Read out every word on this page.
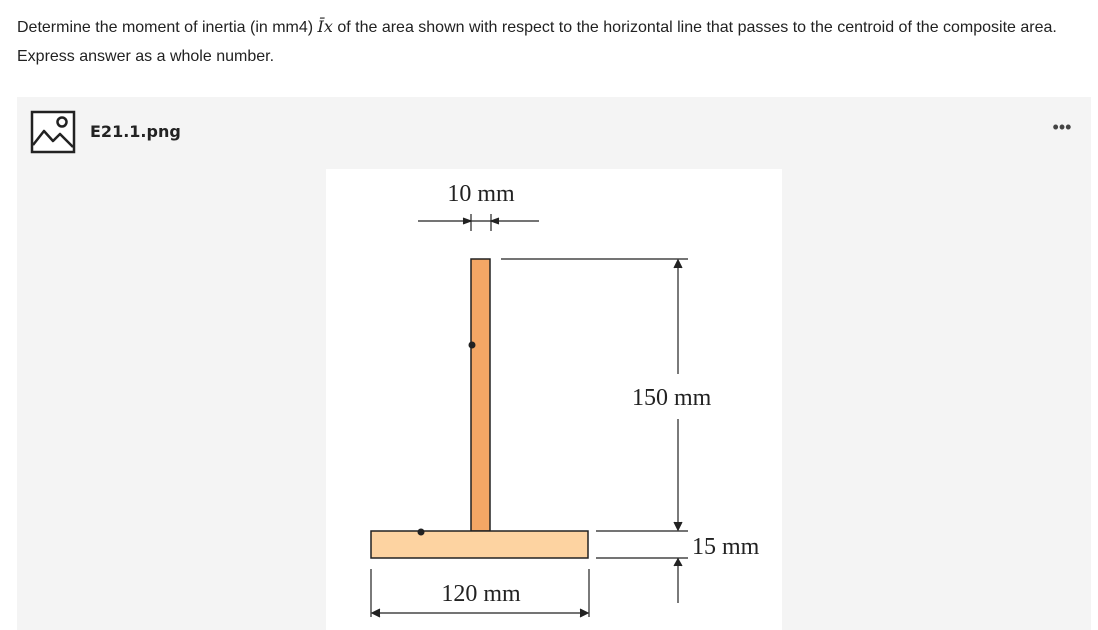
Determine the moment of inertia (in mm4) Īx of the area shown with respect to the horizontal line that passes to the centroid of the composite area. Express answer as a whole number.
E21.1.png	•••
10 mm
150 mm
15 mm
120 mm
